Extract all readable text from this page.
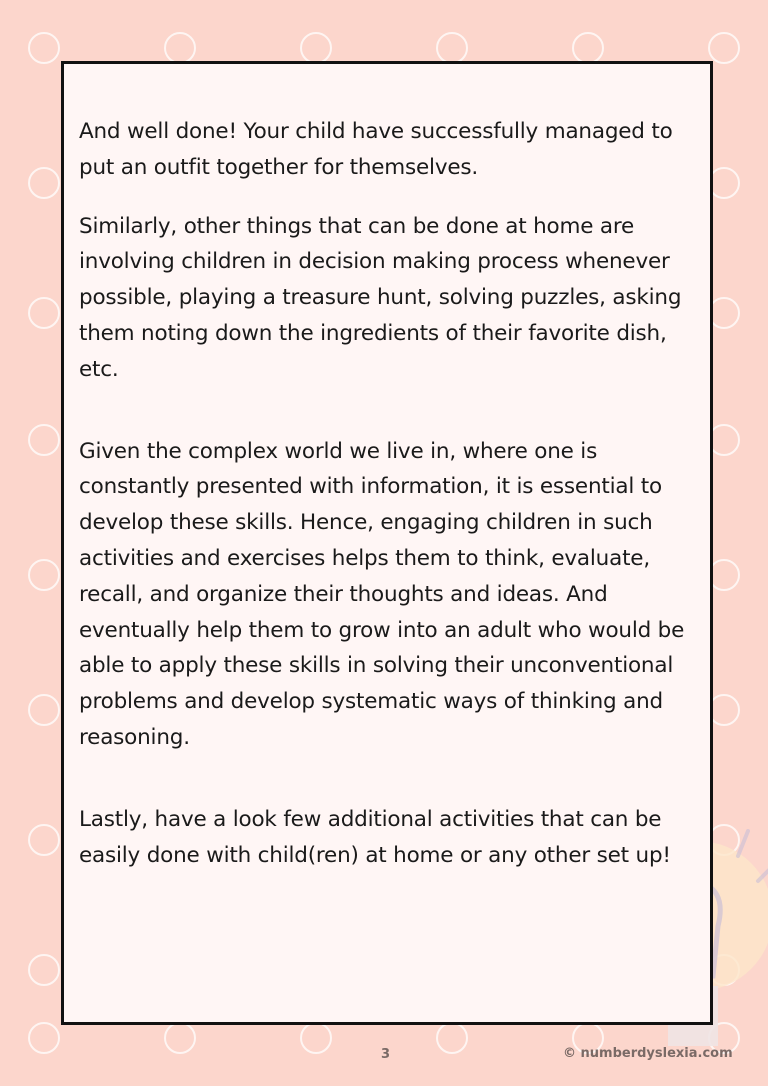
And well done! Your child have successfully managed to put an outfit together for themselves.

Similarly, other things that can be done at home are involving children in decision making process whenever possible, playing a treasure hunt, solving puzzles, asking them noting down the ingredients of their favorite dish, etc.

Given the complex world we live in, where one is constantly presented with information, it is essential to develop these skills. Hence, engaging children in such activities and exercises helps them to think, evaluate, recall, and organize their thoughts and ideas. And eventually help them to grow into an adult who would be able to apply these skills in solving their unconventional problems and develop systematic ways of thinking and reasoning.

Lastly, have a look few additional activities that can be easily done with child(ren) at home or any other set up!

3	© numberdyslexia.com
